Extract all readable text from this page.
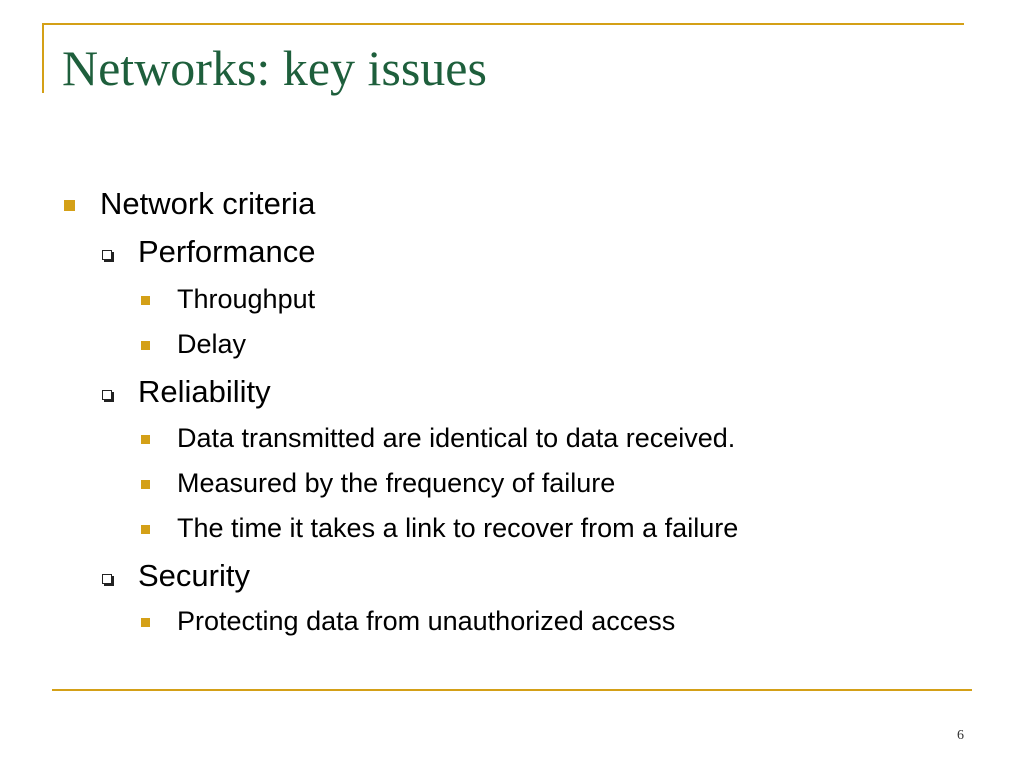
Networks: key issues
Network criteria
Performance
Throughput
Delay
Reliability
Data transmitted are identical to data received.
Measured by the frequency of failure
The time it takes a link to recover from a failure
Security
Protecting data from unauthorized access
6
